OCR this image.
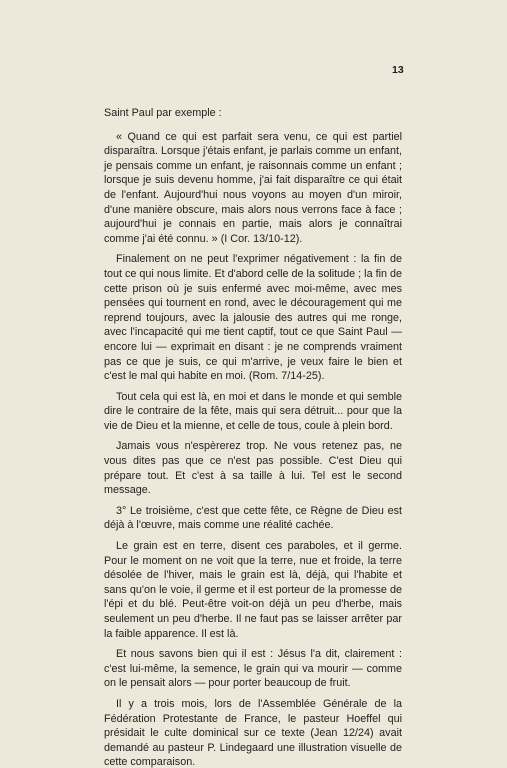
13

Saint Paul par exemple :

« Quand ce qui est parfait sera venu, ce qui est partiel disparaîtra. Lorsque j'étais enfant, je parlais comme un enfant, je pensais comme un enfant, je raisonnais comme un enfant ; lorsque je suis devenu homme, j'ai fait disparaître ce qui était de l'enfant. Aujourd'hui nous voyons au moyen d'un miroir, d'une manière obscure, mais alors nous verrons face à face ; aujourd'hui je connais en partie, mais alors je connaîtrai comme j'ai été connu. » (I Cor. 13/10-12).

Finalement on ne peut l'exprimer négativement : la fin de tout ce qui nous limite. Et d'abord celle de la solitude ; la fin de cette prison où je suis enfermé avec moi-même, avec mes pensées qui tournent en rond, avec le découragement qui me reprend toujours, avec la jalousie des autres qui me ronge, avec l'incapacité qui me tient captif, tout ce que Saint Paul — encore lui — exprimait en disant : je ne comprends vraiment pas ce que je suis, ce qui m'arrive, je veux faire le bien et c'est le mal qui habite en moi. (Rom. 7/14-25).

Tout cela qui est là, en moi et dans le monde et qui semble dire le contraire de la fête, mais qui sera détruit... pour que la vie de Dieu et la mienne, et celle de tous, coule à plein bord.

Jamais vous n'espèrerez trop. Ne vous retenez pas, ne vous dites pas que ce n'est pas possible. C'est Dieu qui prépare tout. Et c'est à sa taille à lui. Tel est le second message.

3° Le troisième, c'est que cette fête, ce Règne de Dieu est déjà à l'œuvre, mais comme une réalité cachée.

Le grain est en terre, disent ces paraboles, et il germe. Pour le moment on ne voit que la terre, nue et froide, la terre désolée de l'hiver, mais le grain est là, déjà, qui l'habite et sans qu'on le voie, il germe et il est porteur de la promesse de l'épi et du blé. Peut-être voit-on déjà un peu d'herbe, mais seulement un peu d'herbe. Il ne faut pas se laisser arrêter par la faible apparence. Il est là.

Et nous savons bien qui il est : Jésus l'a dit, clairement : c'est lui-même, la semence, le grain qui va mourir — comme on le pensait alors — pour porter beaucoup de fruit.

Il y a trois mois, lors de l'Assemblée Générale de la Fédération Protestante de France, le pasteur Hoeffel qui présidait le culte dominical sur ce texte (Jean 12/24) avait demandé au pasteur P. Lindegaard une illustration visuelle de cette comparaison.
